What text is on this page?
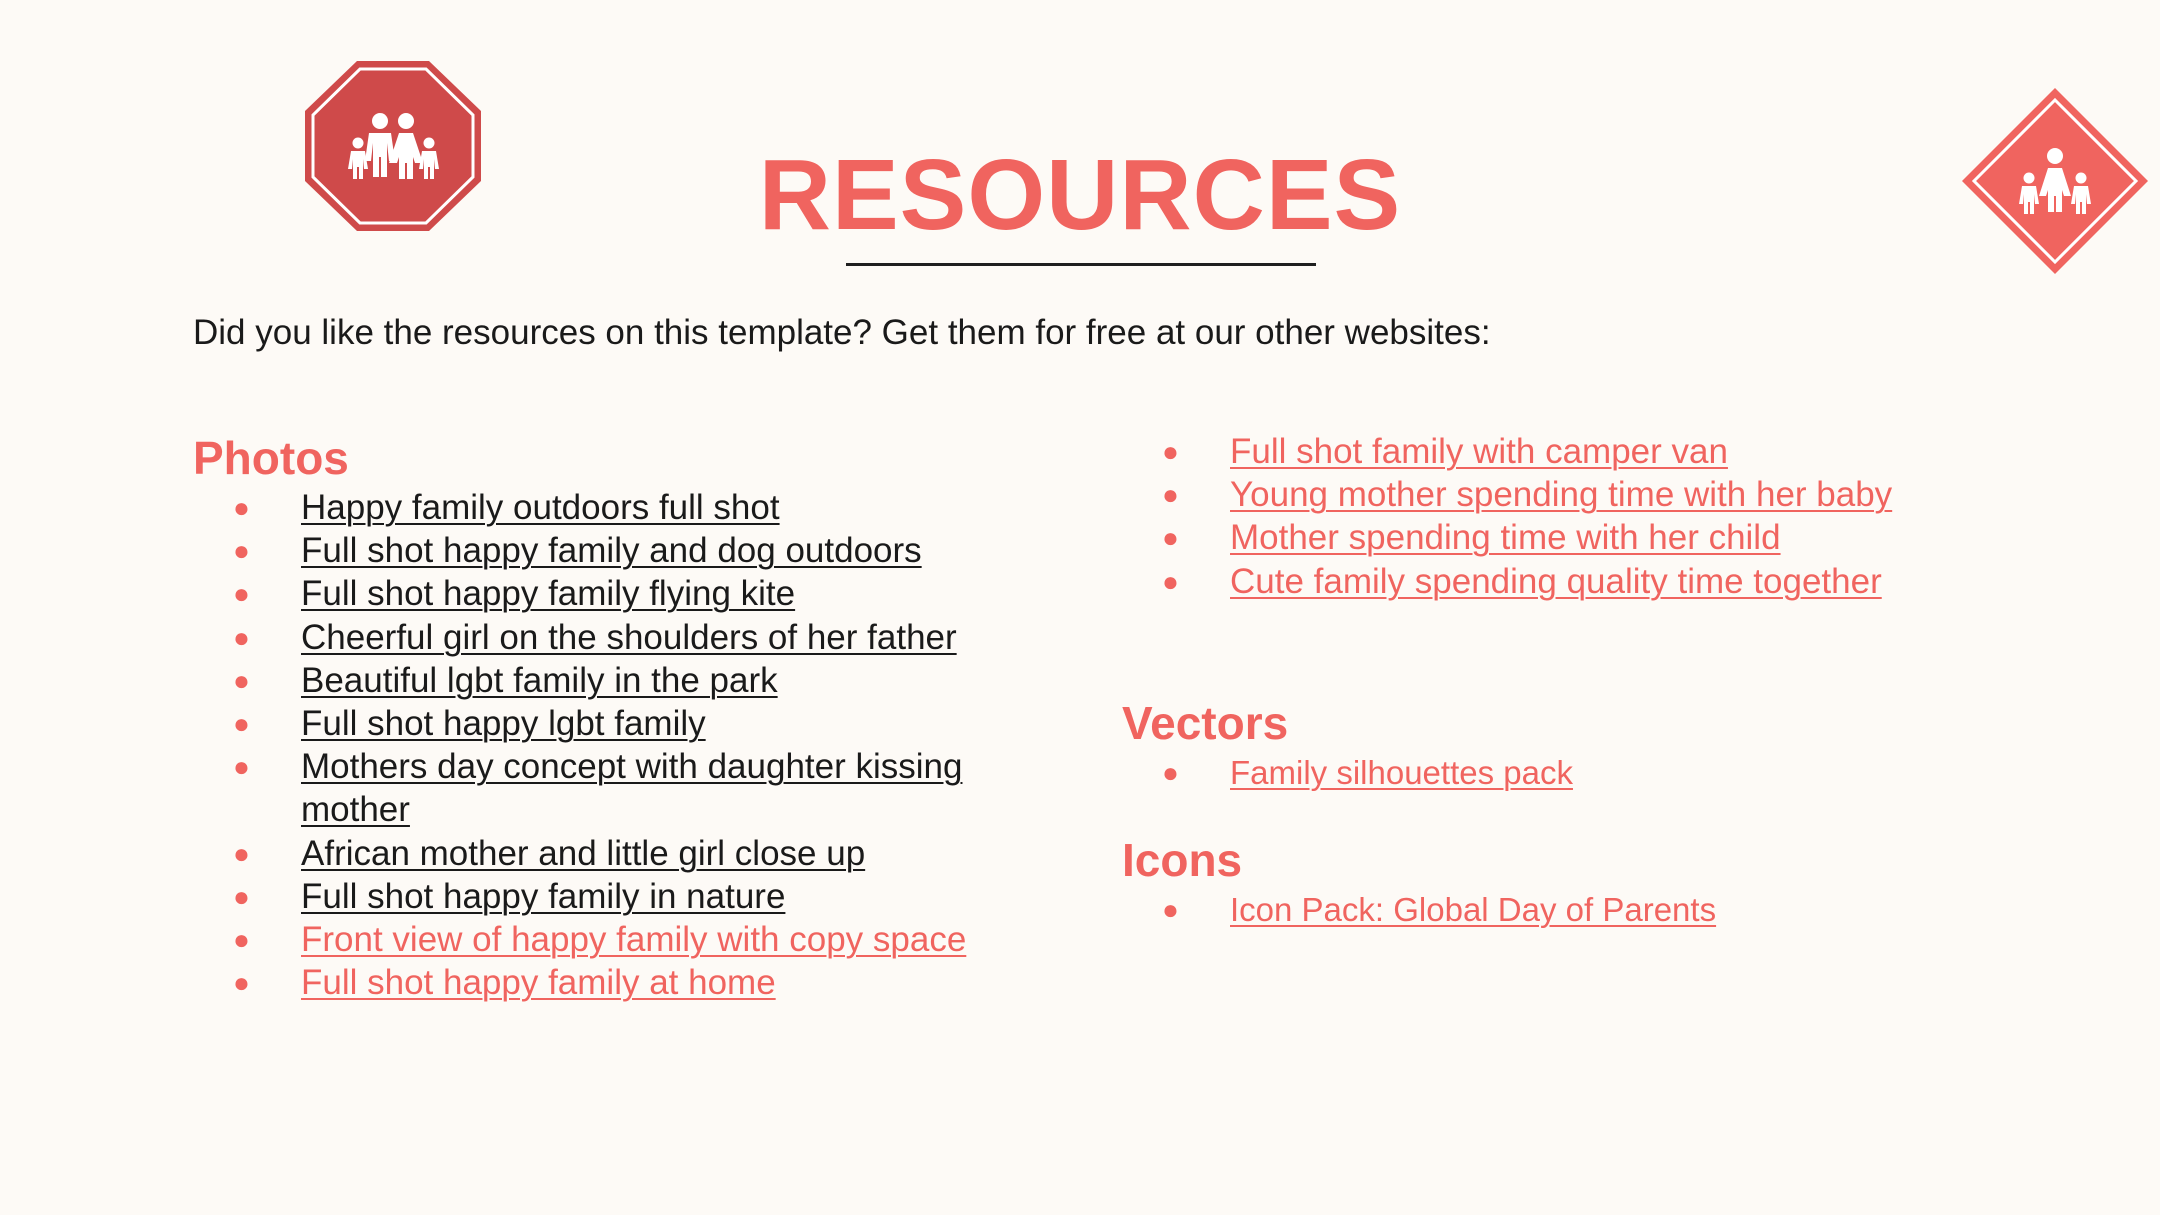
RESOURCES
Did you like the resources on this template? Get them for free at our other websites:
Photos
● Happy family outdoors full shot
● Full shot happy family and dog outdoors
● Full shot happy family flying kite
● Cheerful girl on the shoulders of her father
● Beautiful lgbt family in the park
● Full shot happy lgbt family
● Mothers day concept with daughter kissing mother
● African mother and little girl close up
● Full shot happy family in nature
● Front view of happy family with copy space
● Full shot happy family at home
● Full shot family with camper van
● Young mother spending time with her baby
● Mother spending time with her child
● Cute family spending quality time together
Vectors
● Family silhouettes pack
Icons
● Icon Pack: Global Day of Parents
